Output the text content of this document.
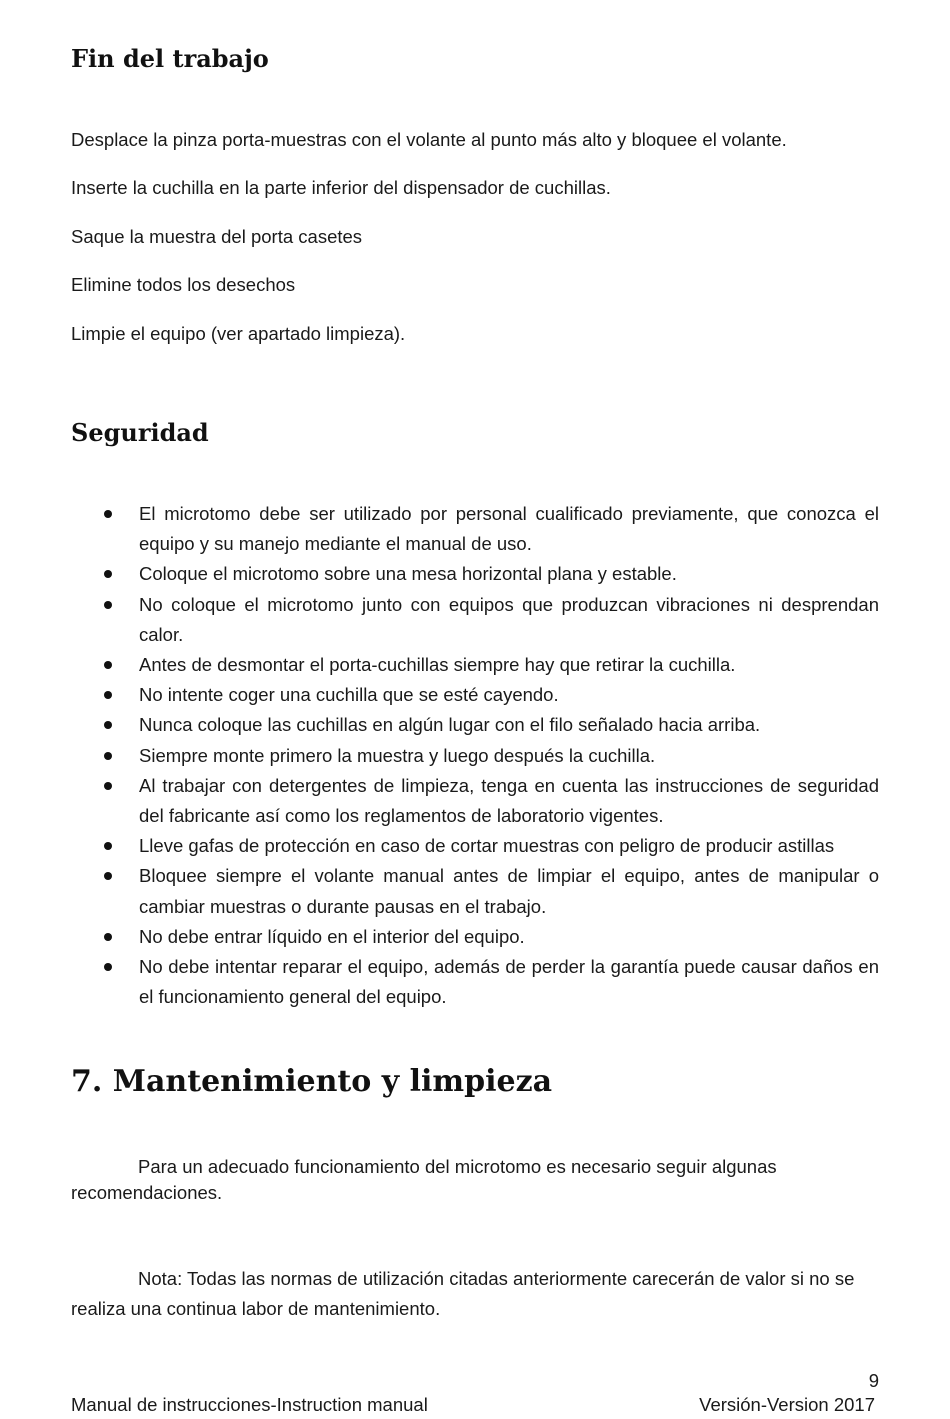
Fin del trabajo

Desplace la pinza porta-muestras con el volante al punto más alto y bloquee el volante.

Inserte la cuchilla en la parte inferior del dispensador de cuchillas.

Saque la muestra del porta casetes

Elimine todos los desechos

Limpie el equipo (ver apartado limpieza).

Seguridad
El microtomo debe ser utilizado por personal cualificado previamente, que conozca el equipo y su manejo mediante el manual de uso.
Coloque el microtomo sobre una mesa horizontal plana y estable.
No coloque el microtomo junto con equipos que produzcan vibraciones ni desprendan calor.
Antes de desmontar el porta-cuchillas siempre hay que retirar la cuchilla.
No intente coger una cuchilla que se esté cayendo.
Nunca coloque las cuchillas en algún lugar con el filo señalado hacia arriba.
Siempre monte primero la muestra y luego después la cuchilla.
Al trabajar con detergentes de limpieza, tenga en cuenta las instrucciones de seguridad del fabricante así como los reglamentos de laboratorio vigentes.
Lleve gafas de protección en caso de cortar muestras con peligro de producir astillas
Bloquee siempre el volante manual antes de limpiar el equipo, antes de manipular o cambiar muestras o durante pausas en el trabajo.
No debe entrar líquido en el interior del equipo.
No debe intentar reparar el equipo, además de perder la garantía puede causar daños en el funcionamiento general del equipo.
7. Mantenimiento y limpieza

Para un adecuado funcionamiento del microtomo es necesario seguir algunas
recomendaciones.

Nota: Todas las normas de utilización citadas anteriormente carecerán de valor si no se
realiza una continua labor de mantenimiento.

9
Manual de instrucciones-Instruction manual	Versión-Version 2017
